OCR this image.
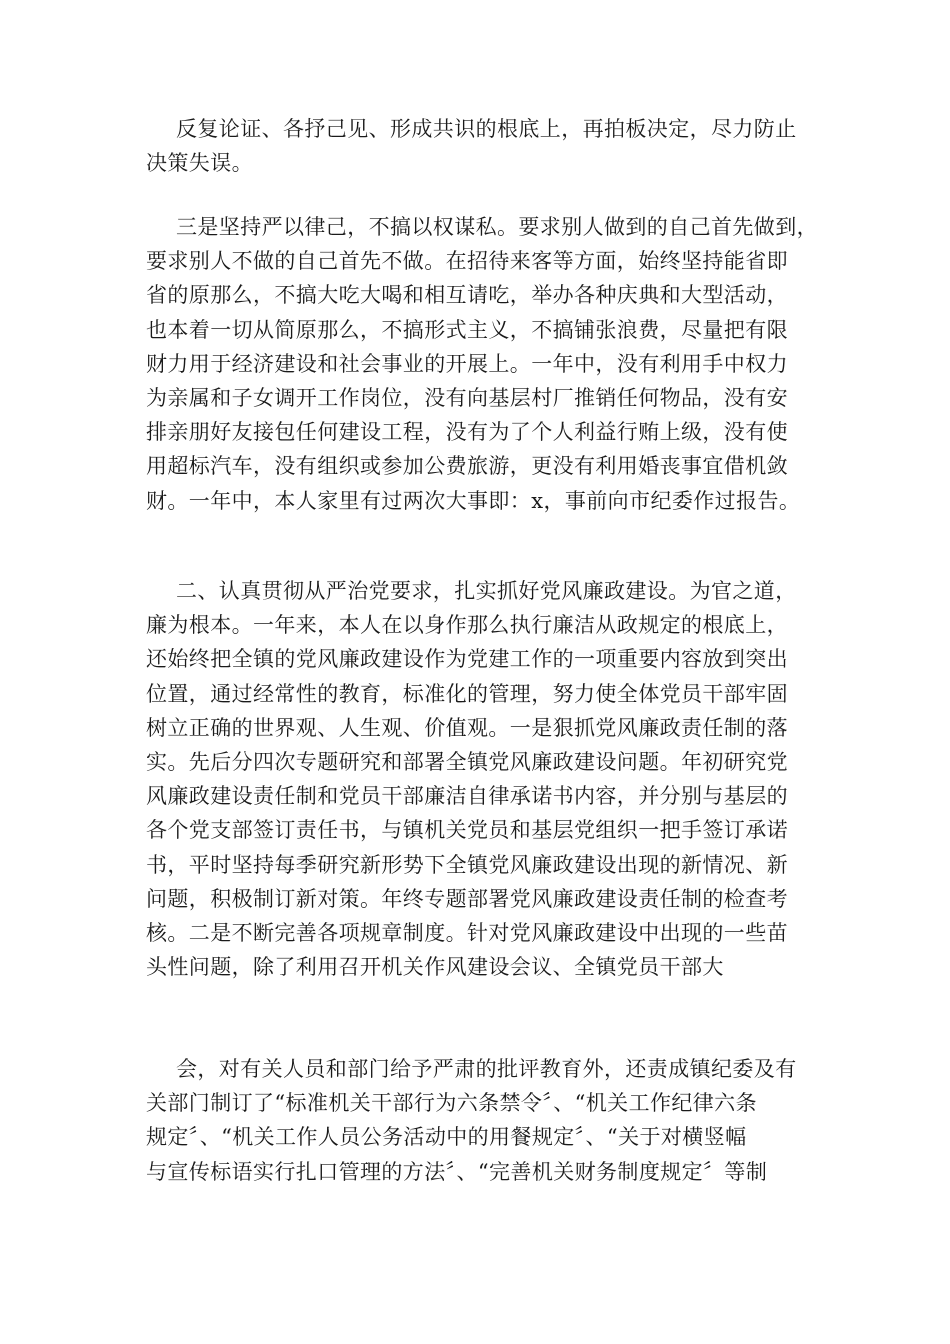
反复论证、各抒己见、形成共识的根底上，再拍板决定，尽力防止
决策失误。
三是坚持严以律己，不搞以权谋私。要求别人做到的自己首先做到，
要求别人不做的自己首先不做。在招待来客等方面，始终坚持能省即
省的原那么，不搞大吃大喝和相互请吃，举办各种庆典和大型活动，
也本着一切从简原那么，不搞形式主义，不搞铺张浪费，尽量把有限
财力用于经济建设和社会事业的开展上。一年中，没有利用手中权力
为亲属和子女调开工作岗位，没有向基层村厂推销任何物品，没有安
排亲朋好友接包任何建设工程，没有为了个人利益行贿上级，没有使
用超标汽车，没有组织或参加公费旅游，更没有利用婚丧事宜借机敛
财。一年中，本人家里有过两次大事即：x，事前向市纪委作过报告。
二、认真贯彻从严治党要求，扎实抓好党风廉政建设。为官之道，
廉为根本。一年来，本人在以身作那么执行廉洁从政规定的根底上，
还始终把全镇的党风廉政建设作为党建工作的一项重要内容放到突出
位置，通过经常性的教育，标准化的管理，努力使全体党员干部牢固
树立正确的世界观、人生观、价值观。一是狠抓党风廉政责任制的落
实。先后分四次专题研究和部署全镇党风廉政建设问题。年初研究党
风廉政建设责任制和党员干部廉洁自律承诺书内容，并分别与基层的
各个党支部签订责任书，与镇机关党员和基层党组织一把手签订承诺
书，平时坚持每季研究新形势下全镇党风廉政建设出现的新情况、新
问题，积极制订新对策。年终专题部署党风廉政建设责任制的检查考
核。二是不断完善各项规章制度。针对党风廉政建设中出现的一些苗
头性问题，除了利用召开机关作风建设会议、全镇党员干部大
会，对有关人员和部门给予严肃的批评教育外，还责成镇纪委及有
关部门制订了“标准机关干部行为六条禁令〞、“机关工作纪律六条
规定〞、“机关工作人员公务活动中的用餐规定〞、“关于对横竖幅
与宣传标语实行扎口管理的方法〞、“完善机关财务制度规定〞等制
